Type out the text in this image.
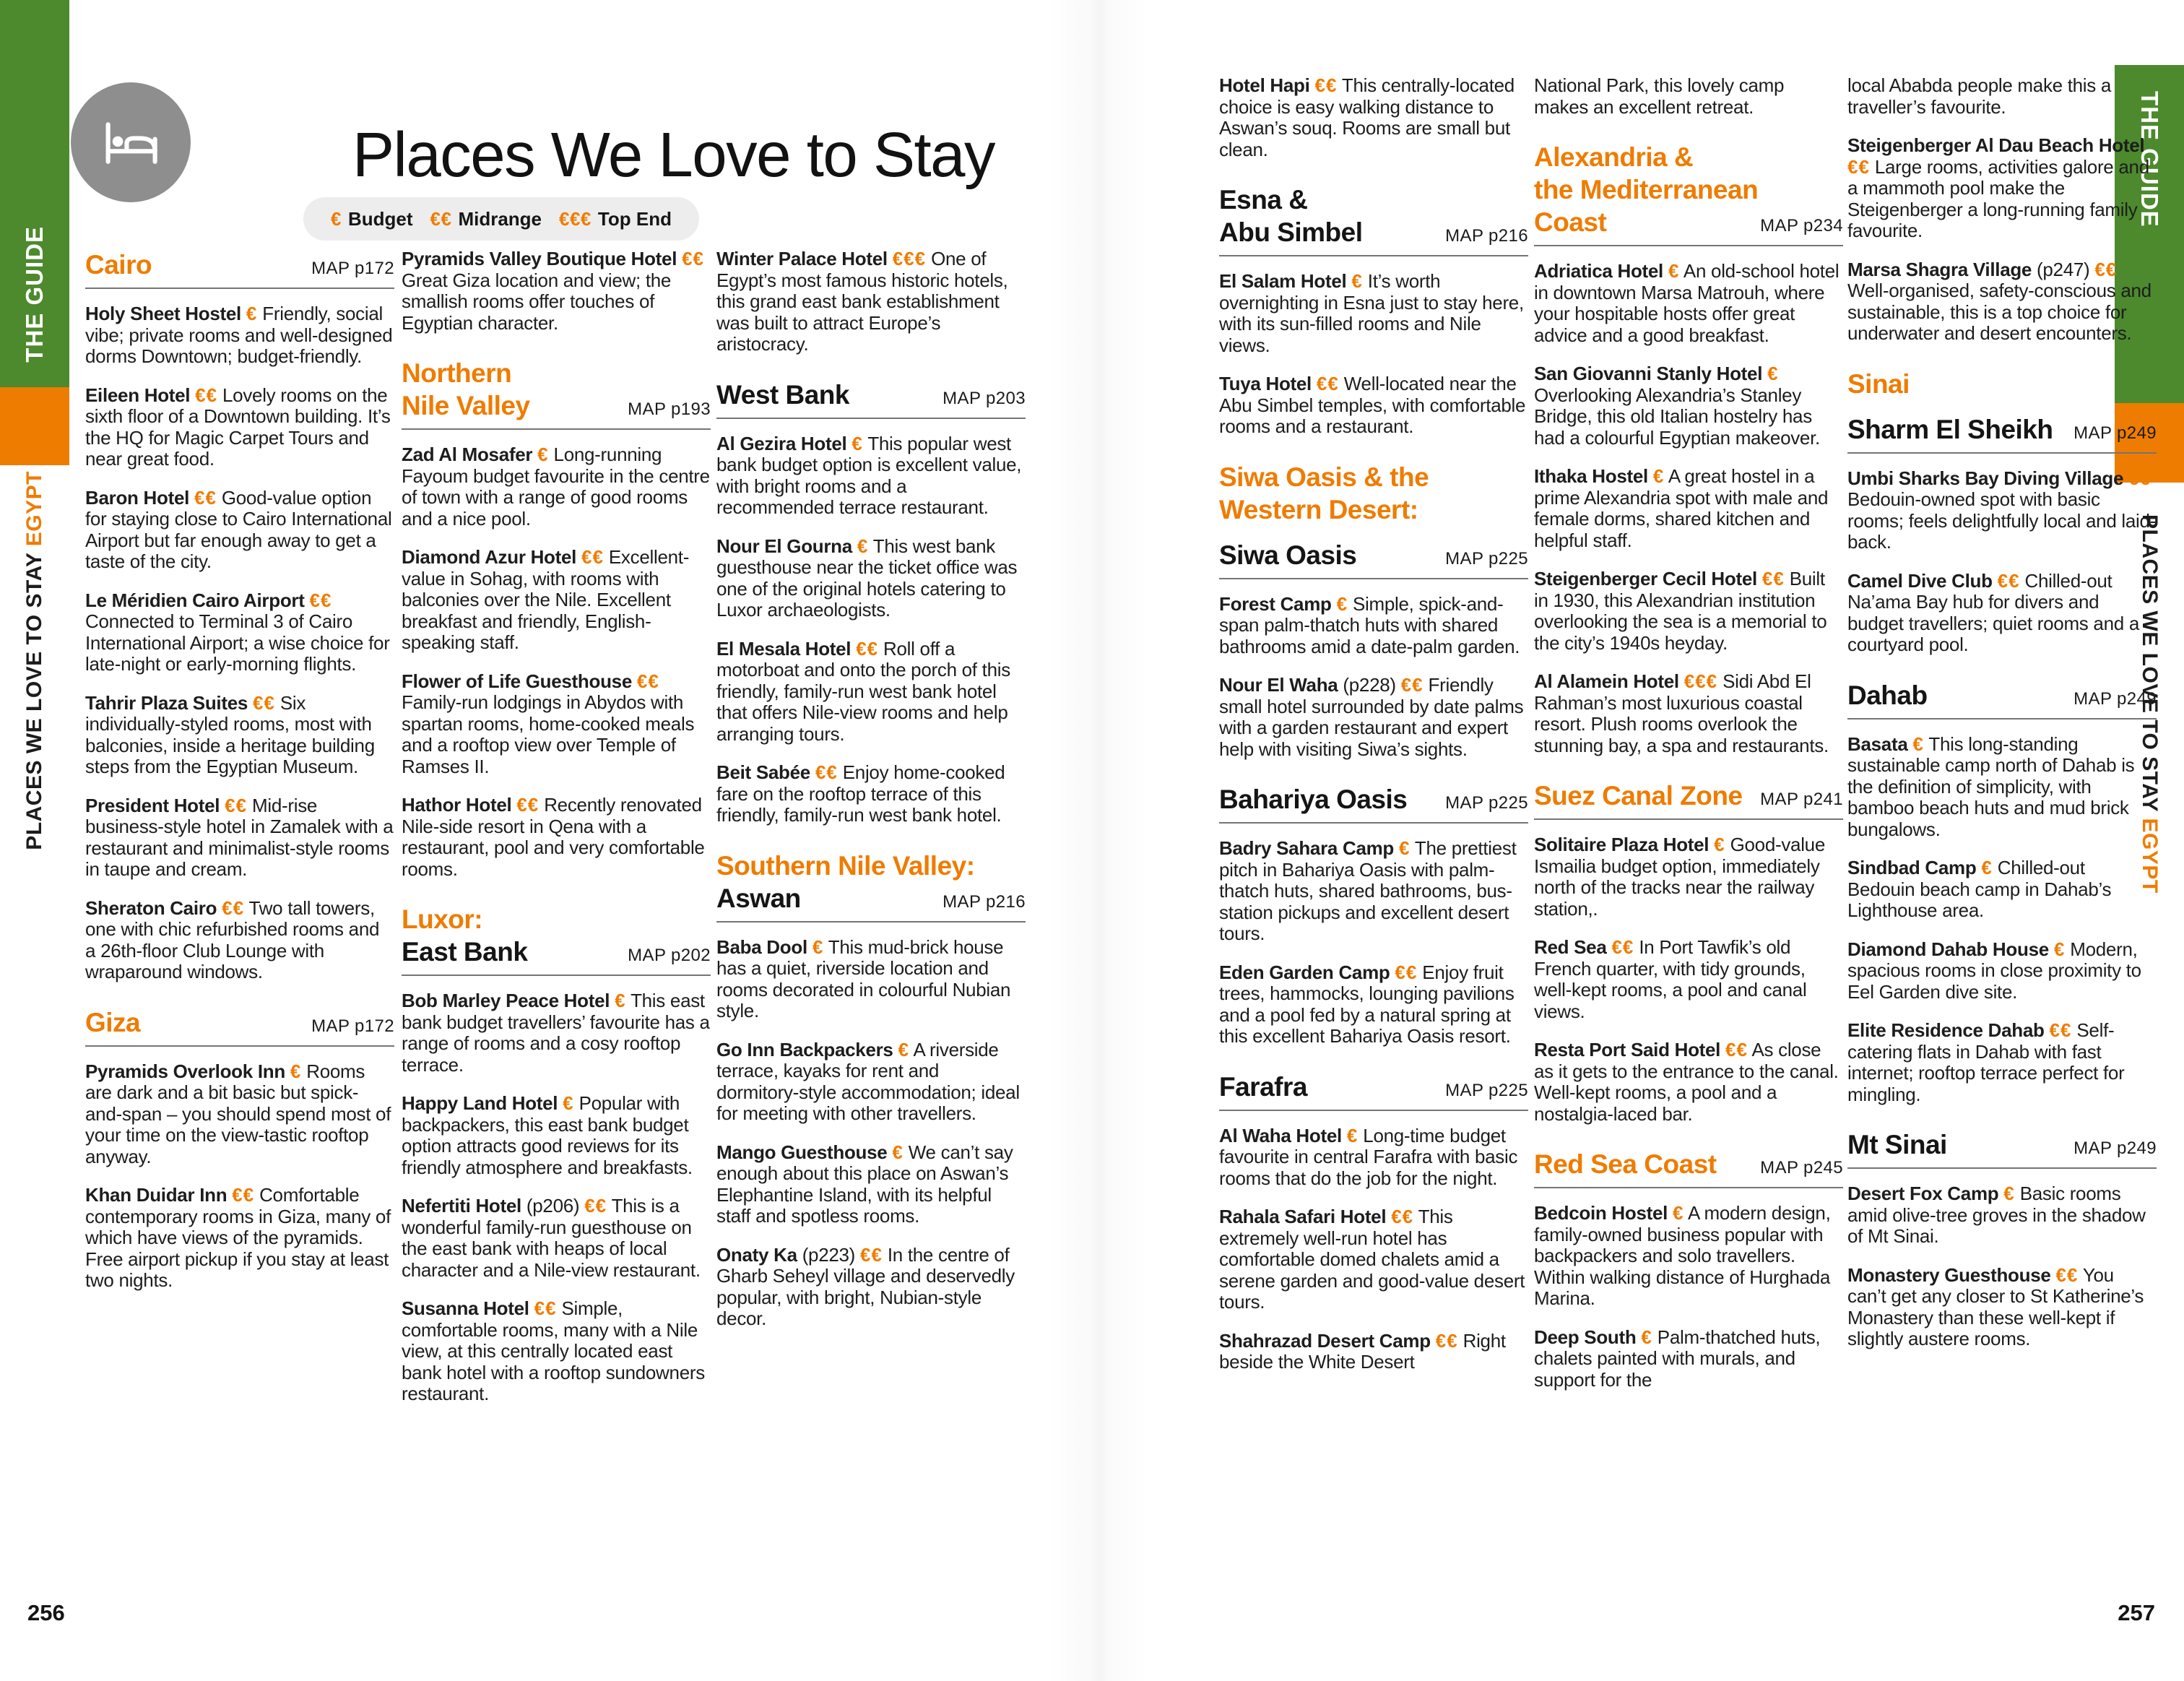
THE GUIDE
PLACES WE LOVE TO STAY EGYPT
THE GUIDE
PLACES WE LOVE TO STAY EGYPT
Places We Love to Stay
€ Budget €€ Midrange €€€ Top End
Cairo	MAP p172

Holy Sheet Hostel € Friendly, social vibe; private rooms and well-designed dorms Downtown; budget-friendly.

Eileen Hotel €€ Lovely rooms on the sixth floor of a Downtown building. It’s the HQ for Magic Carpet Tours and near great food.

Baron Hotel €€ Good-value option for staying close to Cairo International Airport but far enough away to get a taste of the city.

Le Méridien Cairo Airport €€ Connected to Terminal 3 of Cairo International Airport; a wise choice for late-night or early-morning flights.

Tahrir Plaza Suites €€ Six individually-styled rooms, most with balconies, inside a heritage building steps from the Egyptian Museum.

President Hotel €€ Mid-rise business-style hotel in Zamalek with a restaurant and minimalist-style rooms in taupe and cream.

Sheraton Cairo €€ Two tall towers, one with chic refurbished rooms and a 26th-floor Club Lounge with wraparound windows.

Giza	MAP p172

Pyramids Overlook Inn € Rooms are dark and a bit basic but spick-and-span – you should spend most of your time on the view-tastic rooftop anyway.

Khan Duidar Inn €€ Comfortable contemporary rooms in Giza, many of which have views of the pyramids. Free airport pickup if you stay at least two nights.

Pyramids Valley Boutique Hotel €€ Great Giza location and view; the smallish rooms offer touches of Egyptian character.

Northern
Nile Valley	MAP p193

Zad Al Mosafer € Long-running Fayoum budget favourite in the centre of town with a range of good rooms and a nice pool.

Diamond Azur Hotel €€ Excellent-value in Sohag, with rooms with balconies over the Nile. Excellent breakfast and friendly, English-speaking staff.

Flower of Life Guesthouse €€ Family-run lodgings in Abydos with spartan rooms, home-cooked meals and a rooftop view over Temple of Ramses II.

Hathor Hotel €€ Recently renovated Nile-side resort in Qena with a restaurant, pool and very comfortable rooms.

Luxor:
East Bank	MAP p202

Bob Marley Peace Hotel € This east bank budget travellers’ favourite has a range of rooms and a cosy rooftop terrace.

Happy Land Hotel € Popular with backpackers, this east bank budget option attracts good reviews for its friendly atmosphere and breakfasts.

Nefertiti Hotel (p206) €€ This is a wonderful family-run guesthouse on the east bank with heaps of local character and a Nile-view restaurant.

Susanna Hotel €€ Simple, comfortable rooms, many with a Nile view, at this centrally located east bank hotel with a rooftop sundowners restaurant.

Winter Palace Hotel €€€ One of Egypt’s most famous historic hotels, this grand east bank establishment was built to attract Europe’s aristocracy.

West Bank	MAP p203

Al Gezira Hotel € This popular west bank budget option is excellent value, with bright rooms and a recommended terrace restaurant.

Nour El Gourna € This west bank guesthouse near the ticket office was one of the original hotels catering to Luxor archaeologists.

El Mesala Hotel €€ Roll off a motorboat and onto the porch of this friendly, family-run west bank hotel that offers Nile-view rooms and help arranging tours.

Beit Sabée €€ Enjoy home-cooked fare on the rooftop terrace of this friendly, family-run west bank hotel.

Southern Nile Valley:
Aswan	MAP p216

Baba Dool € This mud-brick house has a quiet, riverside location and rooms decorated in colourful Nubian style.

Go Inn Backpackers € A riverside terrace, kayaks for rent and dormitory-style accommodation; ideal for meeting with other travellers.

Mango Guesthouse € We can’t say enough about this place on Aswan’s Elephantine Island, with its helpful staff and spotless rooms.

Onaty Ka (p223) €€ In the centre of Gharb Seheyl village and deservedly popular, with bright, Nubian-style decor.

Hotel Hapi €€ This centrally-located choice is easy walking distance to Aswan’s souq. Rooms are small but clean.

Esna &
Abu Simbel	MAP p216

El Salam Hotel € It’s worth overnighting in Esna just to stay here, with its sun-filled rooms and Nile views.

Tuya Hotel €€ Well-located near the Abu Simbel temples, with comfortable rooms and a restaurant.

Siwa Oasis & the
Western Desert:
Siwa Oasis	MAP p225

Forest Camp € Simple, spick-and-span palm-thatch huts with shared bathrooms amid a date-palm garden.

Nour El Waha (p228) €€ Friendly small hotel surrounded by date palms with a garden restaurant and expert help with visiting Siwa’s sights.

Bahariya Oasis MAP p225

Badry Sahara Camp € The prettiest pitch in Bahariya Oasis with palm-thatch huts, shared bathrooms, bus-station pickups and excellent desert tours.

Eden Garden Camp €€ Enjoy fruit trees, hammocks, lounging pavilions and a pool fed by a natural spring at this excellent Bahariya Oasis resort.

Farafra	MAP p225

Al Waha Hotel € Long-time budget favourite in central Farafra with basic rooms that do the job for the night.

Rahala Safari Hotel €€ This extremely well-run hotel has comfortable domed chalets amid a serene garden and good-value desert tours.

Shahrazad Desert Camp €€ Right beside the White Desert

National Park, this lovely camp makes an excellent retreat.

Alexandria &
the Mediterranean
Coast	MAP p234

Adriatica Hotel € An old-school hotel in downtown Marsa Matrouh, where your hospitable hosts offer great advice and a good breakfast.

San Giovanni Stanly Hotel € Overlooking Alexandria’s Stanley Bridge, this old Italian hostelry has had a colourful Egyptian makeover.

Ithaka Hostel € A great hostel in a prime Alexandria spot with male and female dorms, shared kitchen and helpful staff.

Steigenberger Cecil Hotel €€ Built in 1930, this Alexandrian institution overlooking the sea is a memorial to the city’s 1940s heyday.

Al Alamein Hotel €€€ Sidi Abd El Rahman’s most luxurious coastal resort. Plush rooms overlook the stunning bay, a spa and restaurants.

Suez Canal Zone MAP p241

Solitaire Plaza Hotel € Good-value Ismailia budget option, immediately north of the tracks near the railway station,.

Red Sea €€ In Port Tawfik’s old French quarter, with tidy grounds, well-kept rooms, a pool and canal views.

Resta Port Said Hotel €€ As close as it gets to the entrance to the canal. Well-kept rooms, a pool and a nostalgia-laced bar.

Red Sea Coast	MAP p245

Bedcoin Hostel € A modern design, family-owned business popular with backpackers and solo travellers. Within walking distance of Hurghada Marina.

Deep South € Palm-thatched huts, chalets painted with murals, and support for the

local Ababda people make this a traveller’s favourite.

Steigenberger Al Dau Beach Hotel €€ Large rooms, activities galore and a mammoth pool make the Steigenberger a long-running family favourite.

Marsa Shagra Village (p247) €€ Well-organised, safety-conscious and sustainable, this is a top choice for underwater and desert encounters.

Sinai
Sharm El Sheikh MAP p249

Umbi Sharks Bay Diving Village €€ Bedouin-owned spot with basic rooms; feels delightfully local and laid-back.

Camel Dive Club €€ Chilled-out Na’ama Bay hub for divers and budget travellers; quiet rooms and a courtyard pool.

Dahab	MAP p249

Basata € This long-standing sustainable camp north of Dahab is the definition of simplicity, with bamboo beach huts and mud brick bungalows.

Sindbad Camp € Chilled-out Bedouin beach camp in Dahab’s Lighthouse area.

Diamond Dahab House € Modern, spacious rooms in close proximity to Eel Garden dive site.

Elite Residence Dahab €€ Self-catering flats in Dahab with fast internet; rooftop terrace perfect for mingling.

Mt Sinai	MAP p249

Desert Fox Camp € Basic rooms amid olive-tree groves in the shadow of Mt Sinai.

Monastery Guesthouse €€ You can’t get any closer to St Katherine’s Monastery than these well-kept if slightly austere rooms.

256	257
